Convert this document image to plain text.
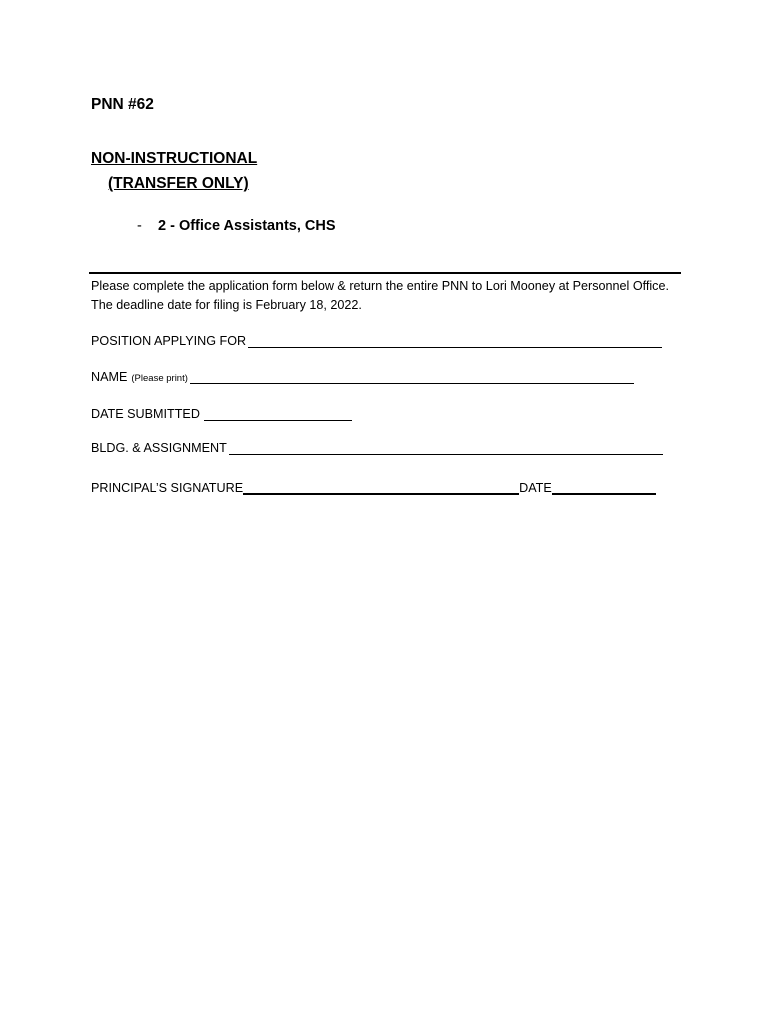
PNN #62
NON-INSTRUCTIONAL
(TRANSFER ONLY)
- 2 - Office Assistants, CHS
Please complete the application form below & return the entire PNN to Lori Mooney at Personnel Office. The deadline date for filing is February 18, 2022.
POSITION APPLYING FOR
NAME (Please print)
DATE SUBMITTED
BLDG. & ASSIGNMENT
PRINCIPAL’S SIGNATURE	DATE
